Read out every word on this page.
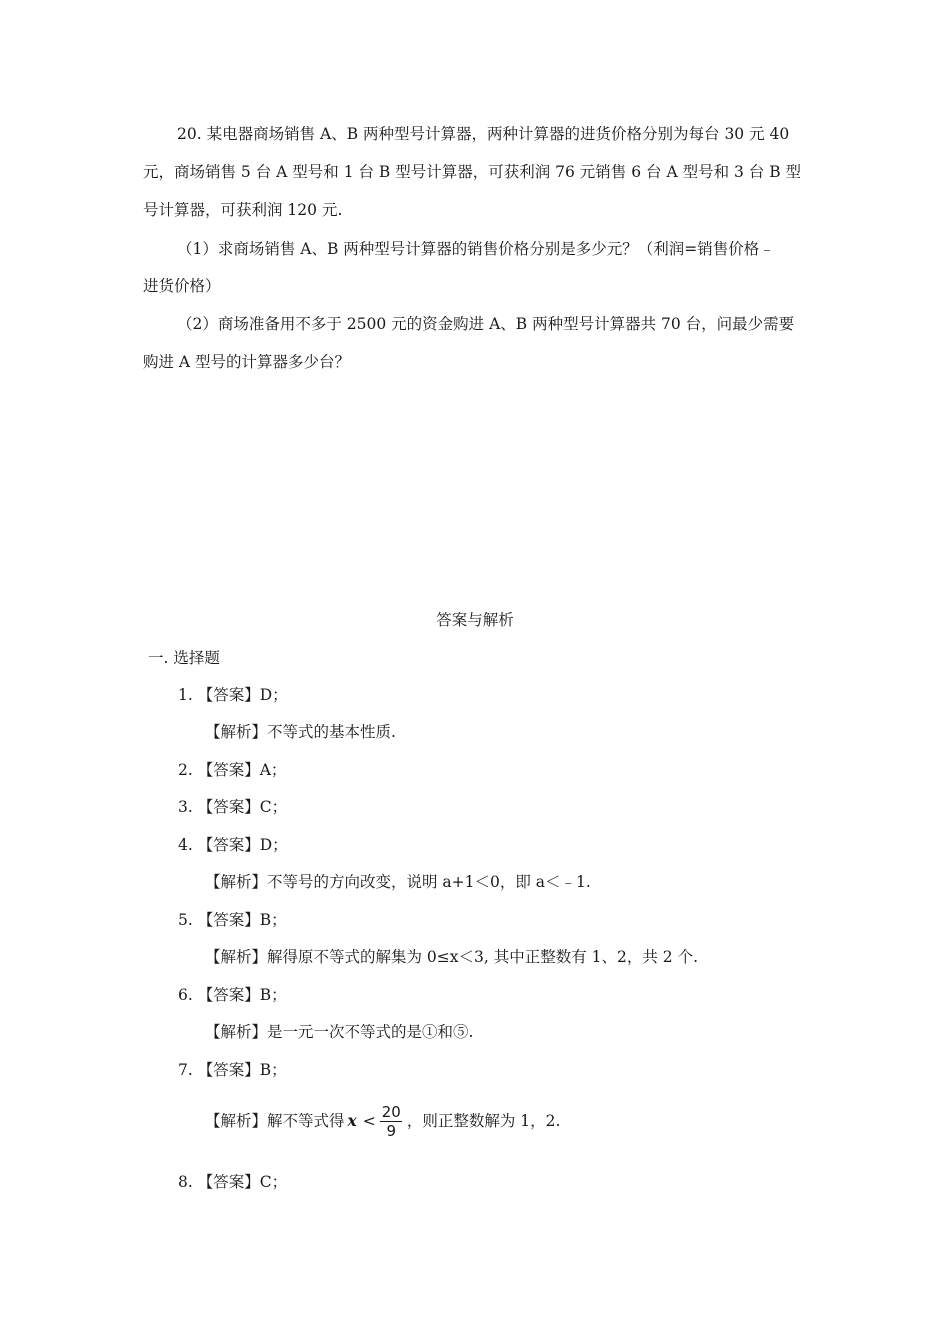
20. 某电器商场销售 A、B 两种型号计算器，两种计算器的进货价格分别为每台 30 元 40
元，商场销售 5 台 A 型号和 1 台 B 型号计算器，可获利润 76 元销售 6 台 A 型号和 3 台 B 型
号计算器，可获利润 120 元.
（1）求商场销售 A、B 两种型号计算器的销售价格分别是多少元？（利润=销售价格﹣
进货价格）
（2）商场准备用不多于 2500 元的资金购进 A、B 两种型号计算器共 70 台，问最少需要
购进 A 型号的计算器多少台？
答案与解析
一. 选择题
1. 【答案】D；
【解析】不等式的基本性质.
2. 【答案】A；
3. 【答案】C；
4. 【答案】D；
【解析】不等号的方向改变，说明 a+1＜0，即 a＜﹣1.
5. 【答案】B；
【解析】解得原不等式的解集为 0≤x＜3, 其中正整数有 1、2，共 2 个.
6. 【答案】B；
【解析】是一元一次不等式的是①和⑤.
7. 【答案】B；
【解析】解不等式得 $x < \frac{20}{9}$ ，则正整数解为 1，2.
8. 【答案】C；
